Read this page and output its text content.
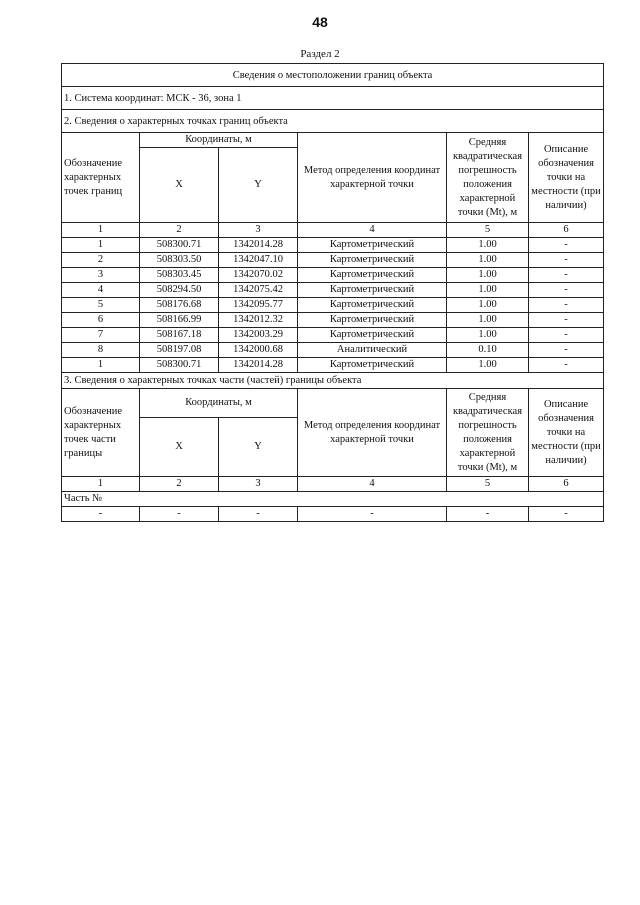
48
Раздел 2
Сведения о местоположении границ объекта					
1. Система координат: МСК - 36, зона 1					
2. Сведения о характерных точках границ объекта					
Обозначение характерных точек границ	Координаты, м		Метод определения координат характерной точки	Средняя квадратическая погрешность положения характерной точки (Mt), м	Описание обозначения точки на местности (при наличии)
	X	Y			
1	2	3	4	5	6
1	508300.71	1342014.28	Картометрический	1.00	-
2	508303.50	1342047.10	Картометрический	1.00	-
3	508303.45	1342070.02	Картометрический	1.00	-
4	508294.50	1342075.42	Картометрический	1.00	-
5	508176.68	1342095.77	Картометрический	1.00	-
6	508166.99	1342012.32	Картометрический	1.00	-
7	508167.18	1342003.29	Картометрический	1.00	-
8	508197.08	1342000.68	Аналитический	0.10	-
1	508300.71	1342014.28	Картометрический	1.00	-
3. Сведения о характерных точках части (частей) границы объекта					
Обозначение характерных точек части границы	Координаты, м		Метод определения координат характерной точки	Средняя квадратическая погрешность положения характерной точки (Mt), м	Описание обозначения точки на местности (при наличии)
	X	Y			
1	2	3	4	5	6
Часть №					
-	-	-	-	-	-
